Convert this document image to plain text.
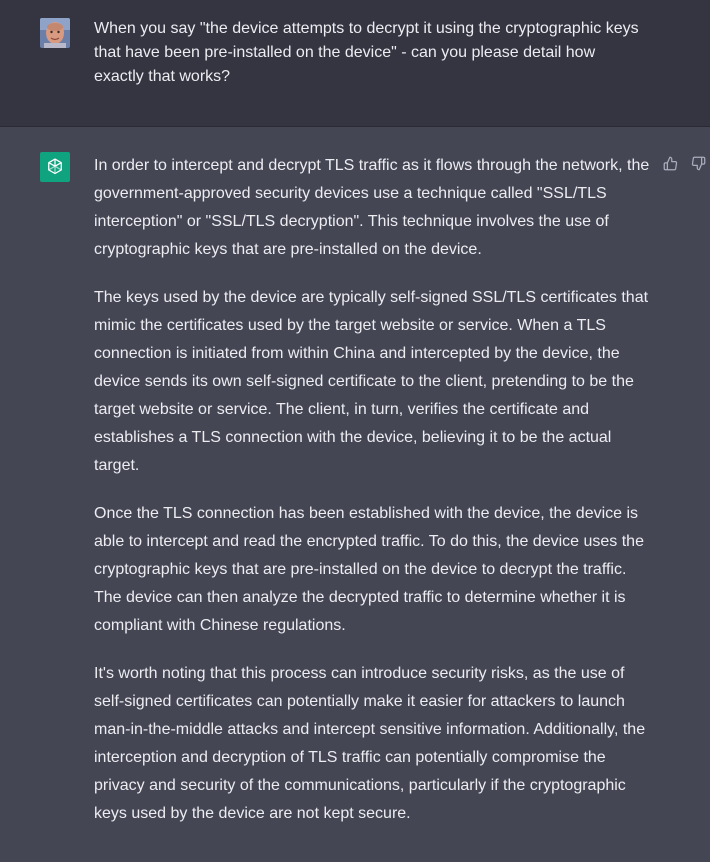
When you say "the device attempts to decrypt it using the cryptographic keys that have been pre-installed on the device" - can you please detail how exactly that works?

In order to intercept and decrypt TLS traffic as it flows through the network, the government-approved security devices use a technique called "SSL/TLS interception" or "SSL/TLS decryption". This technique involves the use of cryptographic keys that are pre-installed on the device.

The keys used by the device are typically self-signed SSL/TLS certificates that mimic the certificates used by the target website or service. When a TLS connection is initiated from within China and intercepted by the device, the device sends its own self-signed certificate to the client, pretending to be the target website or service. The client, in turn, verifies the certificate and establishes a TLS connection with the device, believing it to be the actual target.

Once the TLS connection has been established with the device, the device is able to intercept and read the encrypted traffic. To do this, the device uses the cryptographic keys that are pre-installed on the device to decrypt the traffic. The device can then analyze the decrypted traffic to determine whether it is compliant with Chinese regulations.

It's worth noting that this process can introduce security risks, as the use of self-signed certificates can potentially make it easier for attackers to launch man-in-the-middle attacks and intercept sensitive information. Additionally, the interception and decryption of TLS traffic can potentially compromise the privacy and security of the communications, particularly if the cryptographic keys used by the device are not kept secure.
